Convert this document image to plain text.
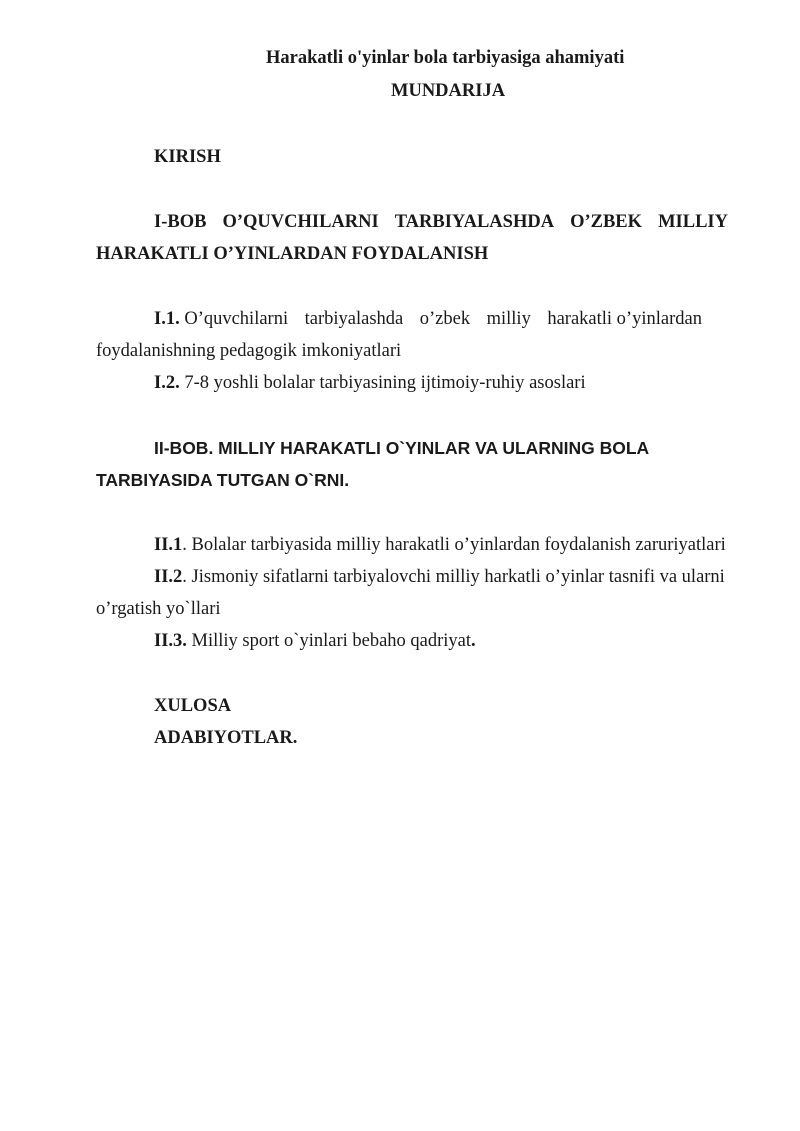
Harakatli o'yinlar bola tarbiyasiga ahamiyati
MUNDARIJA
KIRISH
I-BOB O’QUVCHILARNI TARBIYALASHDA O’ZBEK MILLIY
HARAKATLI O’YINLARDAN FOYDALANISH
I.1. O’quvchilarni tarbiyalashda o’zbek milliy harakatli o’yinlardan
foydalanishning pedagogik imkoniyatlari
I.2. 7-8 yoshli bolalar tarbiyasining ijtimoiy-ruhiy asoslari
II-BOB. MILLIY HARAKATLI O`YINLAR VA ULARNING BOLA
TARBIYASIDA TUTGAN O`RNI.
II.1. Bolalar tarbiyasida milliy harakatli o’yinlardan foydalanish zaruriyatlari
II.2. Jismoniy sifatlarni tarbiyalovchi milliy harkatli o’yinlar tasnifi va ularni
o’rgatish yo`llari
II.3. Milliy sport o`yinlari bebaho qadriyat.
XULOSA
ADABIYOTLAR.
